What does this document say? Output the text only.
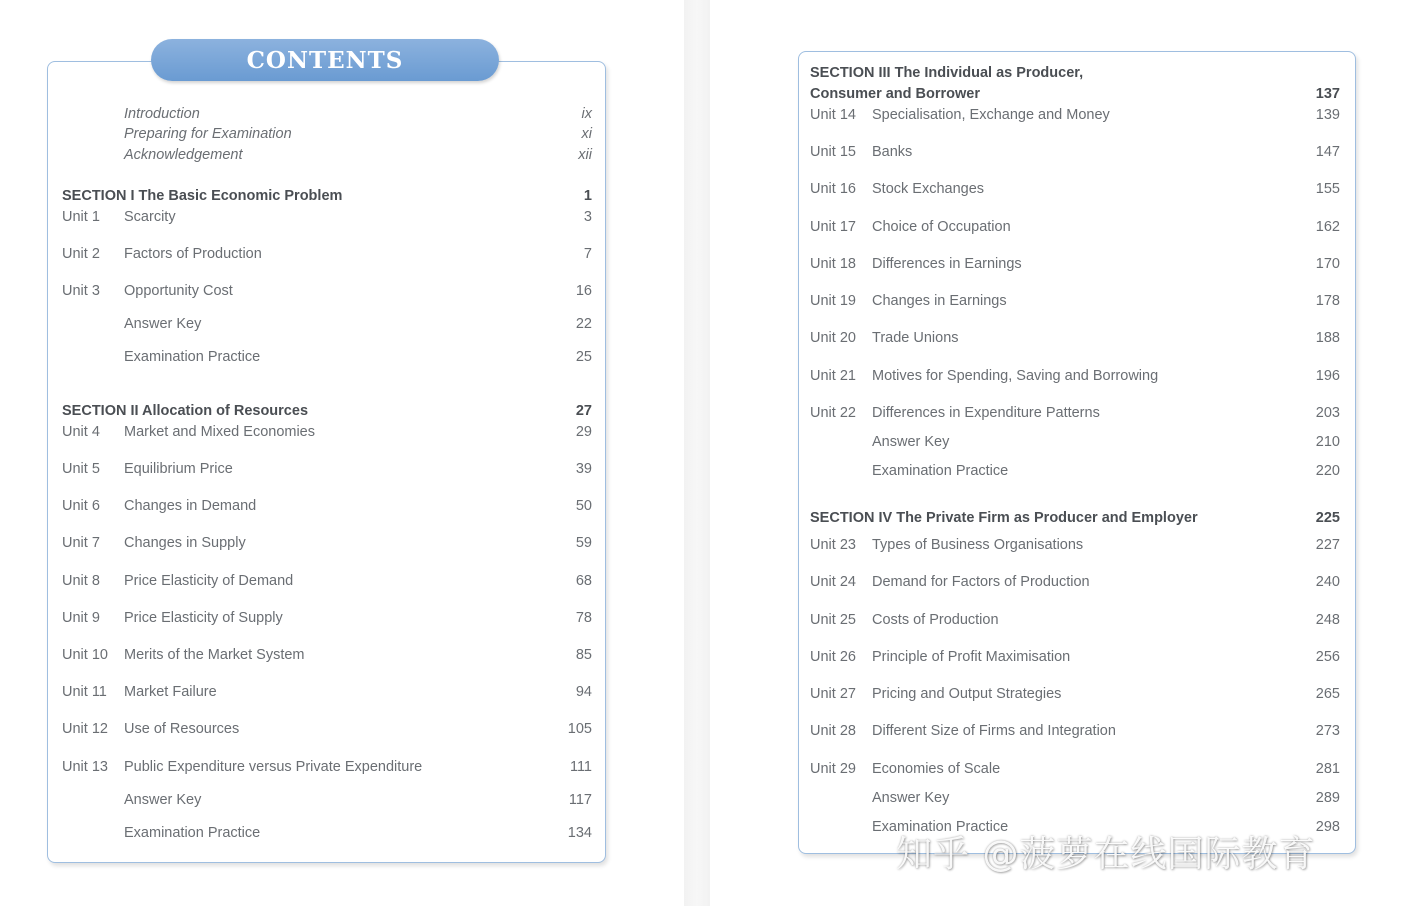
CONTENTS
Introduction	ix
Preparing for Examination	xi
Acknowledgement	xii
SECTION I The Basic Economic Problem	1
Unit 1 Scarcity	3
Unit 2 Factors of Production	7
Unit 3 Opportunity Cost	16
Answer Key	22
Examination Practice	25
SECTION II Allocation of Resources	27
Unit 4 Market and Mixed Economies	29
Unit 5 Equilibrium Price	39
Unit 6 Changes in Demand	50
Unit 7 Changes in Supply	59
Unit 8 Price Elasticity of Demand	68
Unit 9 Price Elasticity of Supply	78
Unit 10 Merits of the Market System	85
Unit 11 Market Failure	94
Unit 12 Use of Resources	105
Unit 13 Public Expenditure versus Private Expenditure	111
Answer Key	117
Examination Practice	134
SECTION III The Individual as Producer,
Consumer and Borrower	137
Unit 14 Specialisation, Exchange and Money	139
Unit 15 Banks	147
Unit 16 Stock Exchanges	155
Unit 17 Choice of Occupation	162
Unit 18 Differences in Earnings	170
Unit 19 Changes in Earnings	178
Unit 20 Trade Unions	188
Unit 21 Motives for Spending, Saving and Borrowing	196
Unit 22 Differences in Expenditure Patterns	203
Answer Key	210
Examination Practice	220
SECTION IV The Private Firm as Producer and Employer	225
Unit 23 Types of Business Organisations	227
Unit 24 Demand for Factors of Production	240
Unit 25 Costs of Production	248
Unit 26 Principle of Profit Maximisation	256
Unit 27 Pricing and Output Strategies	265
Unit 28 Different Size of Firms and Integration	273
Unit 29 Economies of Scale	281
Answer Key	289
Examination Practice	298
知乎 @菠萝在线国际教育
